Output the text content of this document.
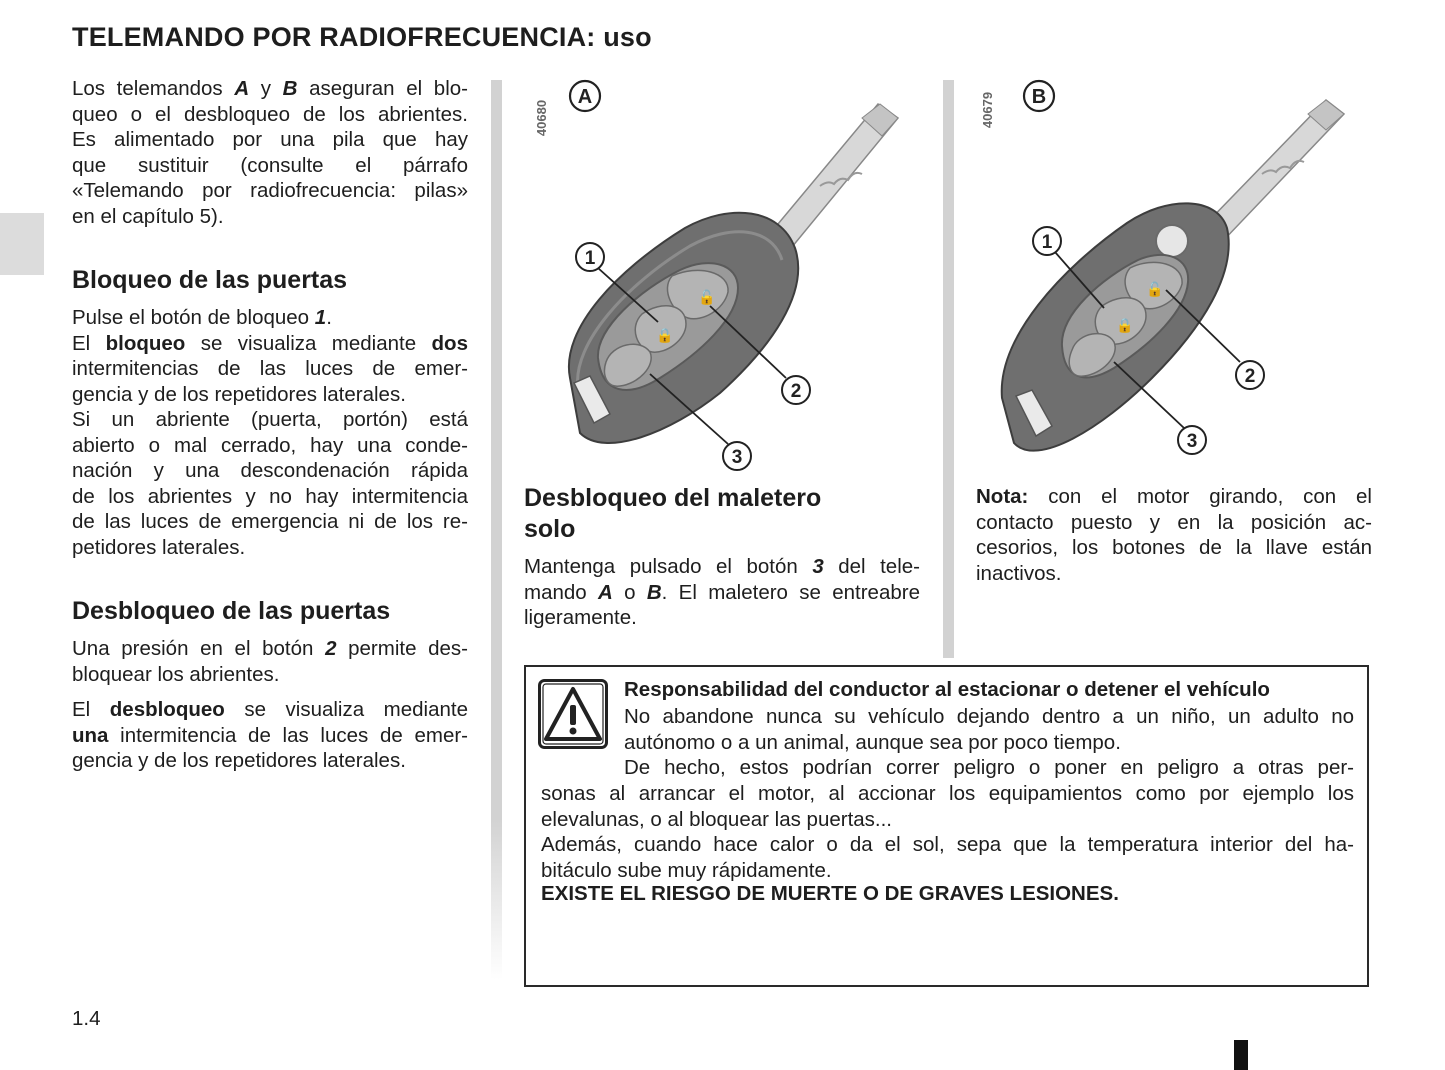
TELEMANDO POR RADIOFRECUENCIA: uso

Los telemandos A y B aseguran el blo-

queo o el desbloqueo de los abrientes.

Es alimentado por una pila que hay

que sustituir (consulte el párrafo

«Telemando por radiofrecuencia: pilas»

en el capítulo 5).

Bloqueo de las puertas

Pulse el botón de bloqueo 1.

El bloqueo se visualiza mediante dos

intermitencias de las luces de emer-

gencia y de los repetidores laterales.

Si un abriente (puerta, portón) está

abierto o mal cerrado, hay una conde-

nación y una descondenación rápida

de los abrientes y no hay intermitencia

de las luces de emergencia ni de los re-

petidores laterales.

Desbloqueo de las puertas

Una presión en el botón 2 permite des-

bloquear los abrientes.

El desbloqueo se visualiza mediante

una intermitencia de las luces de emer-

gencia y de los repetidores laterales.

40680
A
🔓
🔒
1
2
3
40679 B
🔓
🔒
1
2
3
Desbloqueo del maletero
solo

Mantenga pulsado el botón 3 del tele-

mando A o B. El maletero se entreabre

ligeramente.

Nota: con el motor girando, con el

contacto puesto y en la posición ac-

cesorios, los botones de la llave están

inactivos.

Responsabilidad del conductor al estacionar o detener el vehículo

No abandone nunca su vehículo dejando dentro a un niño, un adulto no

autónomo o a un animal, aunque sea por poco tiempo.

De hecho, estos podrían correr peligro o poner en peligro a otras per-

sonas al arrancar el motor, al accionar los equipamientos como por ejemplo los

elevalunas, o al bloquear las puertas...

Además, cuando hace calor o da el sol, sepa que la temperatura interior del ha-

bitáculo sube muy rápidamente.

EXISTE EL RIESGO DE MUERTE O DE GRAVES LESIONES.
1.4
